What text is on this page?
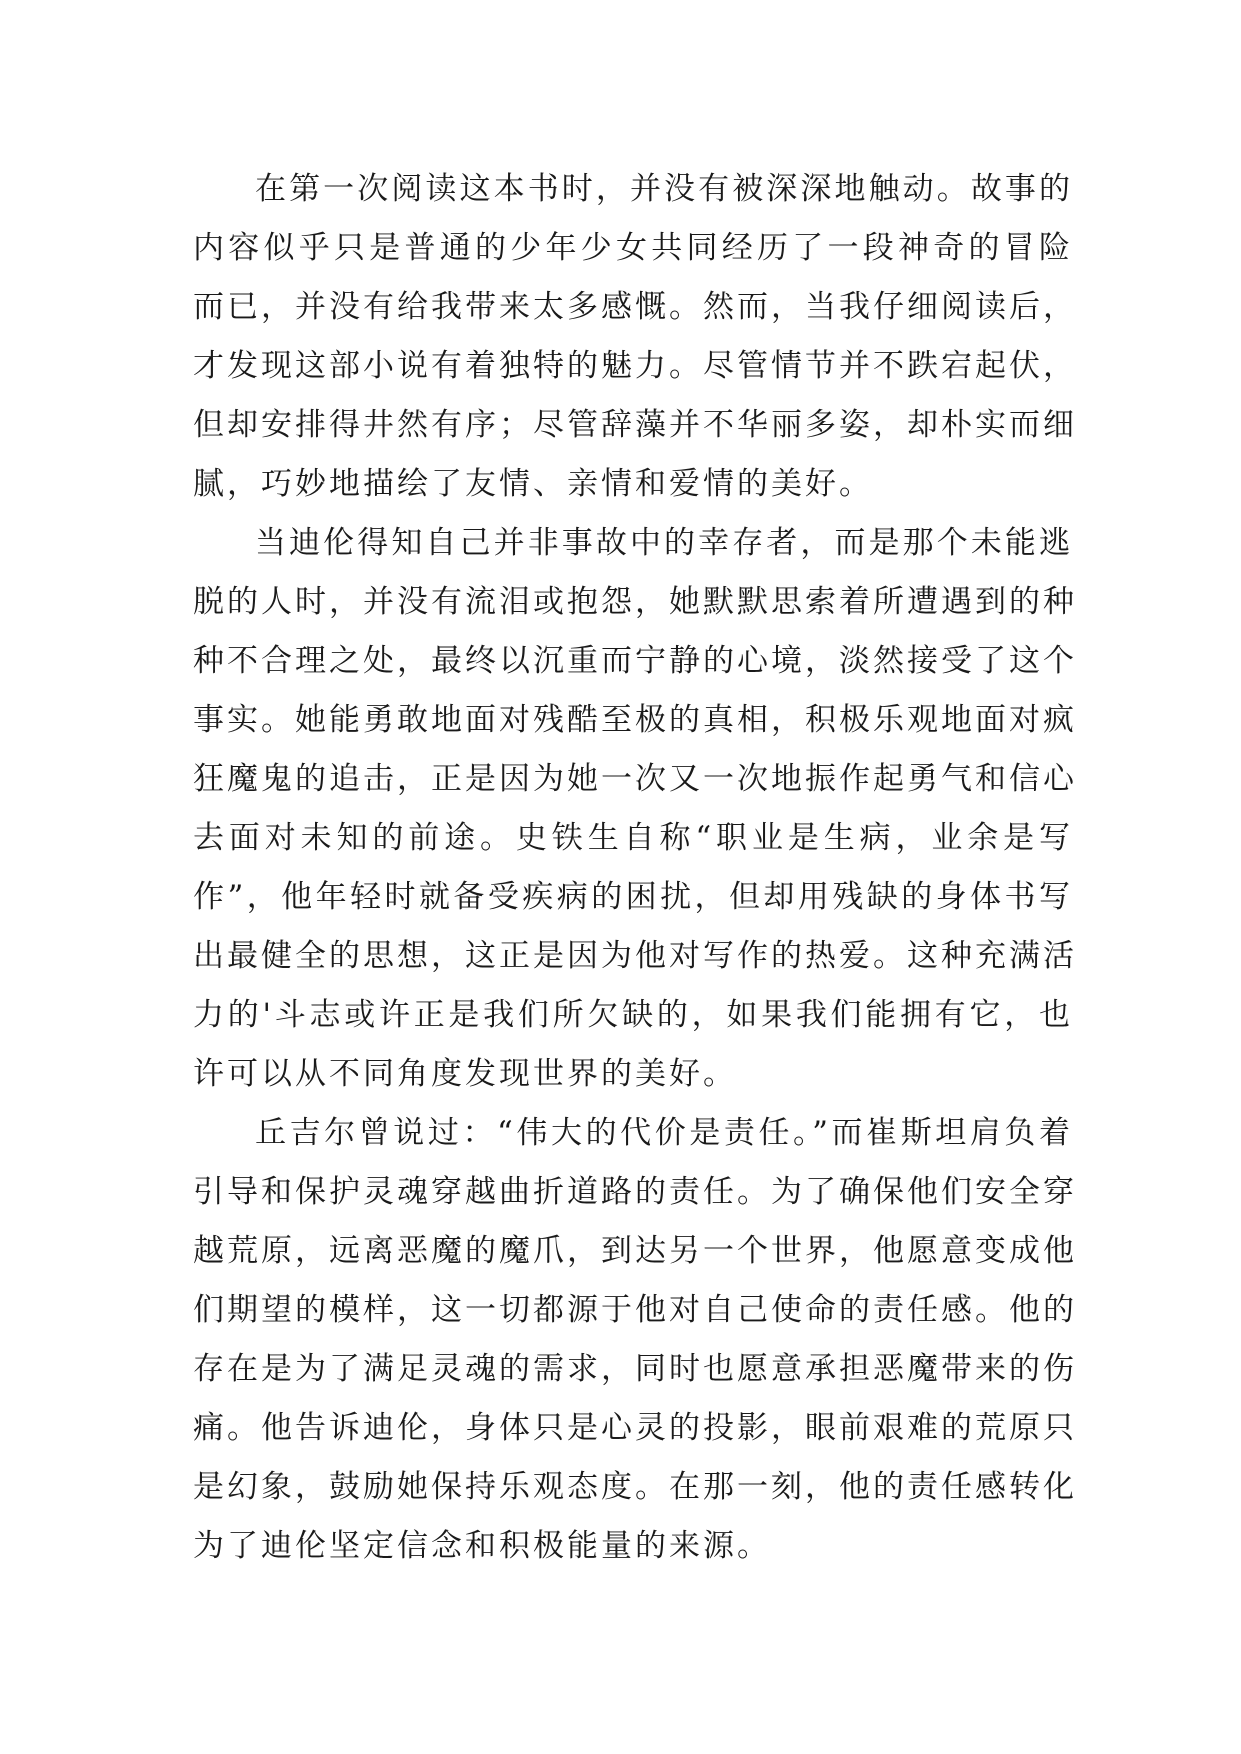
在第一次阅读这本书时，并没有被深深地触动。故事的
内容似乎只是普通的少年少女共同经历了一段神奇的冒险
而已，并没有给我带来太多感慨。然而，当我仔细阅读后，
才发现这部小说有着独特的魅力。尽管情节并不跌宕起伏，
但却安排得井然有序；尽管辞藻并不华丽多姿，却朴实而细
腻，巧妙地描绘了友情、亲情和爱情的美好。
当迪伦得知自己并非事故中的幸存者，而是那个未能逃
脱的人时，并没有流泪或抱怨，她默默思索着所遭遇到的种
种不合理之处，最终以沉重而宁静的心境，淡然接受了这个
事实。她能勇敢地面对残酷至极的真相，积极乐观地面对疯
狂魔鬼的追击，正是因为她一次又一次地振作起勇气和信心
去面对未知的前途。史铁生自称“职业是生病，业余是写
作”，他年轻时就备受疾病的困扰，但却用残缺的身体书写
出最健全的思想，这正是因为他对写作的热爱。这种充满活
力的'斗志或许正是我们所欠缺的，如果我们能拥有它，也
许可以从不同角度发现世界的美好。
丘吉尔曾说过：“伟大的代价是责任。”而崔斯坦肩负着
引导和保护灵魂穿越曲折道路的责任。为了确保他们安全穿
越荒原，远离恶魔的魔爪，到达另一个世界，他愿意变成他
们期望的模样，这一切都源于他对自己使命的责任感。他的
存在是为了满足灵魂的需求，同时也愿意承担恶魔带来的伤
痛。他告诉迪伦，身体只是心灵的投影，眼前艰难的荒原只
是幻象，鼓励她保持乐观态度。在那一刻，他的责任感转化
为了迪伦坚定信念和积极能量的来源。
